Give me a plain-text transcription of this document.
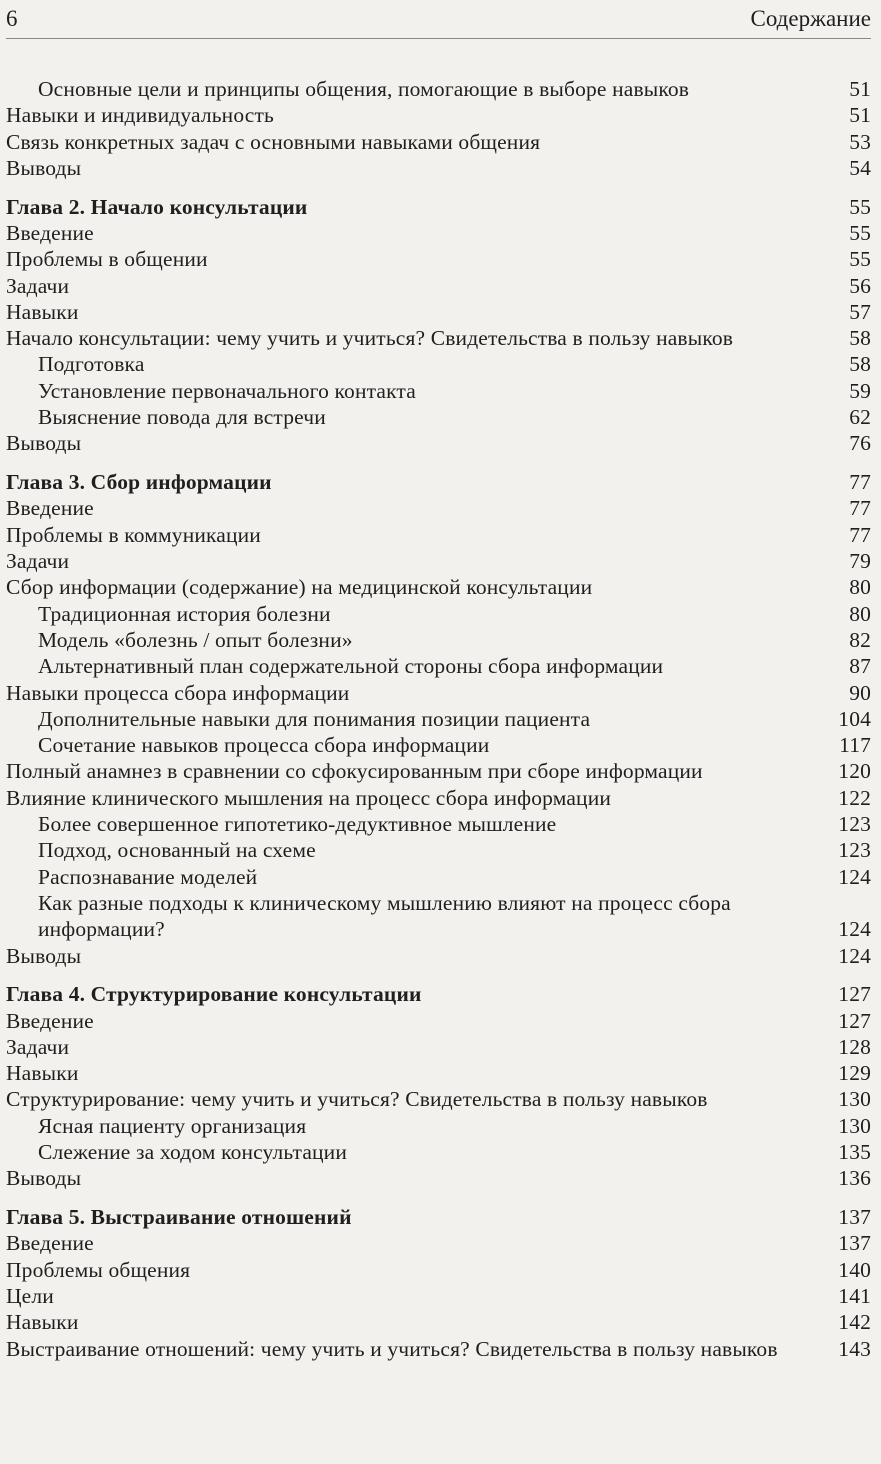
6	Содержание
Основные цели и принципы общения, помогающие в выборе навыков	51
Навыки и индивидуальность	51
Связь конкретных задач с основными навыками общения	53
Выводы	54
Глава 2. Начало консультации	55
Введение	55
Проблемы в общении	55
Задачи	56
Навыки	57
Начало консультации: чему учить и учиться? Свидетельства в пользу навыков	58
Подготовка	58
Установление первоначального контакта	59
Выяснение повода для встречи	62
Выводы	76
Глава 3. Сбор информации	77
Введение	77
Проблемы в коммуникации	77
Задачи	79
Сбор информации (содержание) на медицинской консультации	80
Традиционная история болезни	80
Модель «болезнь / опыт болезни»	82
Альтернативный план содержательной стороны сбора информации	87
Навыки процесса сбора информации	90
Дополнительные навыки для понимания позиции пациента	104
Сочетание навыков процесса сбора информации	117
Полный анамнез в сравнении со сфокусированным при сборе информации	120
Влияние клинического мышления на процесс сбора информации	122
Более совершенное гипотетико-дедуктивное мышление	123
Подход, основанный на схеме	123
Распознавание моделей	124
Как разные подходы к клиническому мышлению влияют на процесс сбора информации?	124
Выводы	124
Глава 4. Структурирование консультации	127
Введение	127
Задачи	128
Навыки	129
Структурирование: чему учить и учиться? Свидетельства в пользу навыков	130
Ясная пациенту организация	130
Слежение за ходом консультации	135
Выводы	136
Глава 5. Выстраивание отношений	137
Введение	137
Проблемы общения	140
Цели	141
Навыки	142
Выстраивание отношений: чему учить и учиться? Свидетельства в пользу навыков	143
